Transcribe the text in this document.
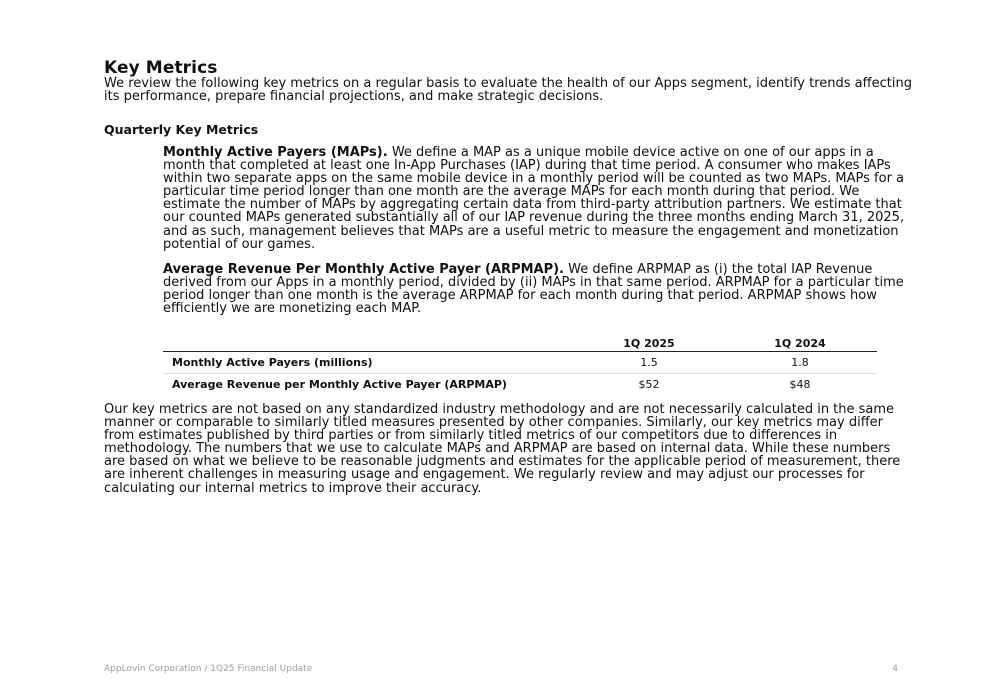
Key Metrics

We review the following key metrics on a regular basis to evaluate the health of our Apps segment, identify trends affecting its performance, prepare financial projections, and make strategic decisions.

Quarterly Key Metrics

Monthly Active Payers (MAPs). We define a MAP as a unique mobile device active on one of our apps in a month that completed at least one In-App Purchases (IAP) during that time period. A consumer who makes IAPs within two separate apps on the same mobile device in a monthly period will be counted as two MAPs. MAPs for a particular time period longer than one month are the average MAPs for each month during that period. We estimate the number of MAPs by aggregating certain data from third-party attribution partners. We estimate that our counted MAPs generated substantially all of our IAP revenue during the three months ending March 31, 2025, and as such, management believes that MAPs are a useful metric to measure the engagement and monetization potential of our games.

Average Revenue Per Monthly Active Payer (ARPMAP). We define ARPMAP as (i) the total IAP Revenue derived from our Apps in a monthly period, divided by (ii) MAPs in that same period. ARPMAP for a particular time period longer than one month is the average ARPMAP for each month during that period. ARPMAP shows how efficiently we are monetizing each MAP.

	1Q 2025	1Q 2024
Monthly Active Payers (millions)	1.5	1.8
Average Revenue per Monthly Active Payer (ARPMAP)	$52	$48

Our key metrics are not based on any standardized industry methodology and are not necessarily calculated in the same manner or comparable to similarly titled measures presented by other companies. Similarly, our key metrics may differ from estimates published by third parties or from similarly titled metrics of our competitors due to differences in methodology. The numbers that we use to calculate MAPs and ARPMAP are based on internal data. While these numbers are based on what we believe to be reasonable judgments and estimates for the applicable period of measurement, there are inherent challenges in measuring usage and engagement. We regularly review and may adjust our processes for calculating our internal metrics to improve their accuracy.

AppLovin Corporation / 1Q25 Financial Update	4
